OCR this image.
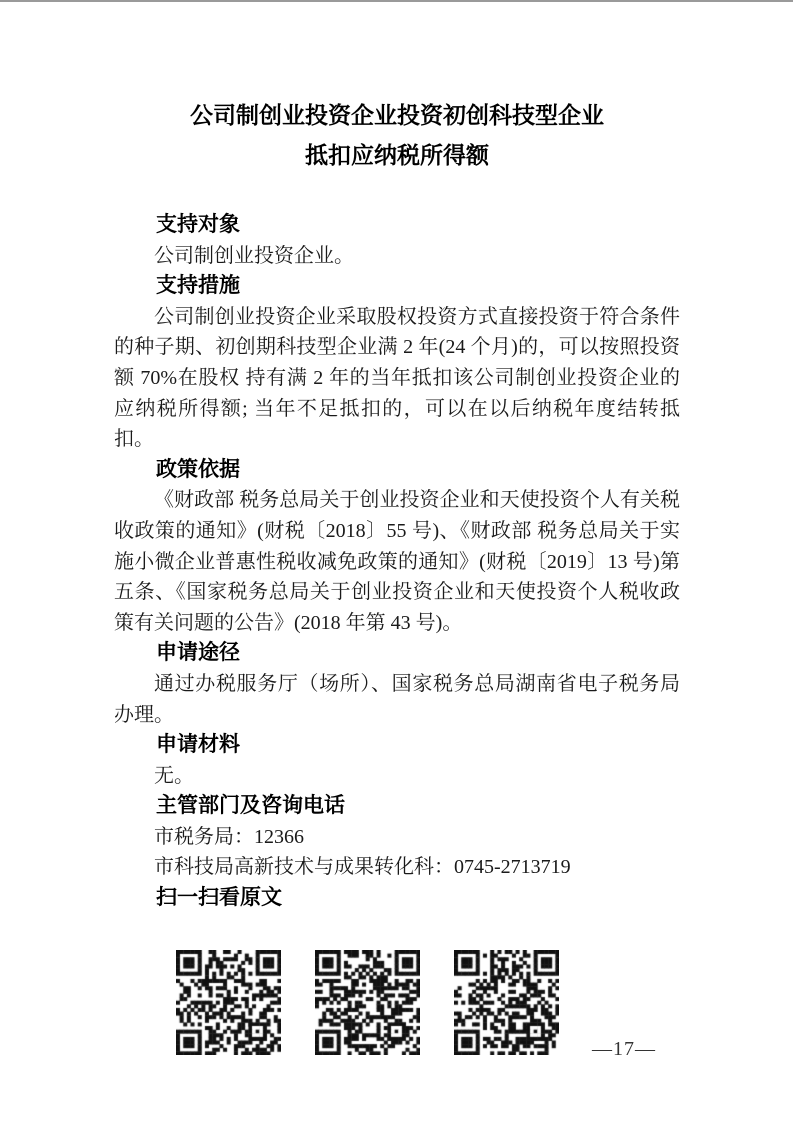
公司制创业投资企业投资初创科技型企业
抵扣应纳税所得额
支持对象

公司制创业投资企业。

支持措施

公司制创业投资企业采取股权投资方式直接投资于符合条件的种子期、初创期科技型企业满 2 年(24 个月)的，可以按照投资额 70%在股权 持有满 2 年的当年抵扣该公司制创业投资企业的应纳税所得额; 当年不足抵扣的，可以在以后纳税年度结转抵扣。

政策依据

《财政部 税务总局关于创业投资企业和天使投资个人有关税收政策的通知》(财税〔2018〕55 号)、《财政部 税务总局关于实施小微企业普惠性税收减免政策的通知》(财税〔2019〕13 号)第五条、《国家税务总局关于创业投资企业和天使投资个人税收政策有关问题的公告》(2018 年第 43 号)。

申请途径

通过办税服务厅（场所）、国家税务总局湖南省电子税务局办理。

申请材料

无。

主管部门及咨询电话

市税务局：12366

市科技局高新技术与成果转化科：0745-2713719

扫一扫看原文
—17—
